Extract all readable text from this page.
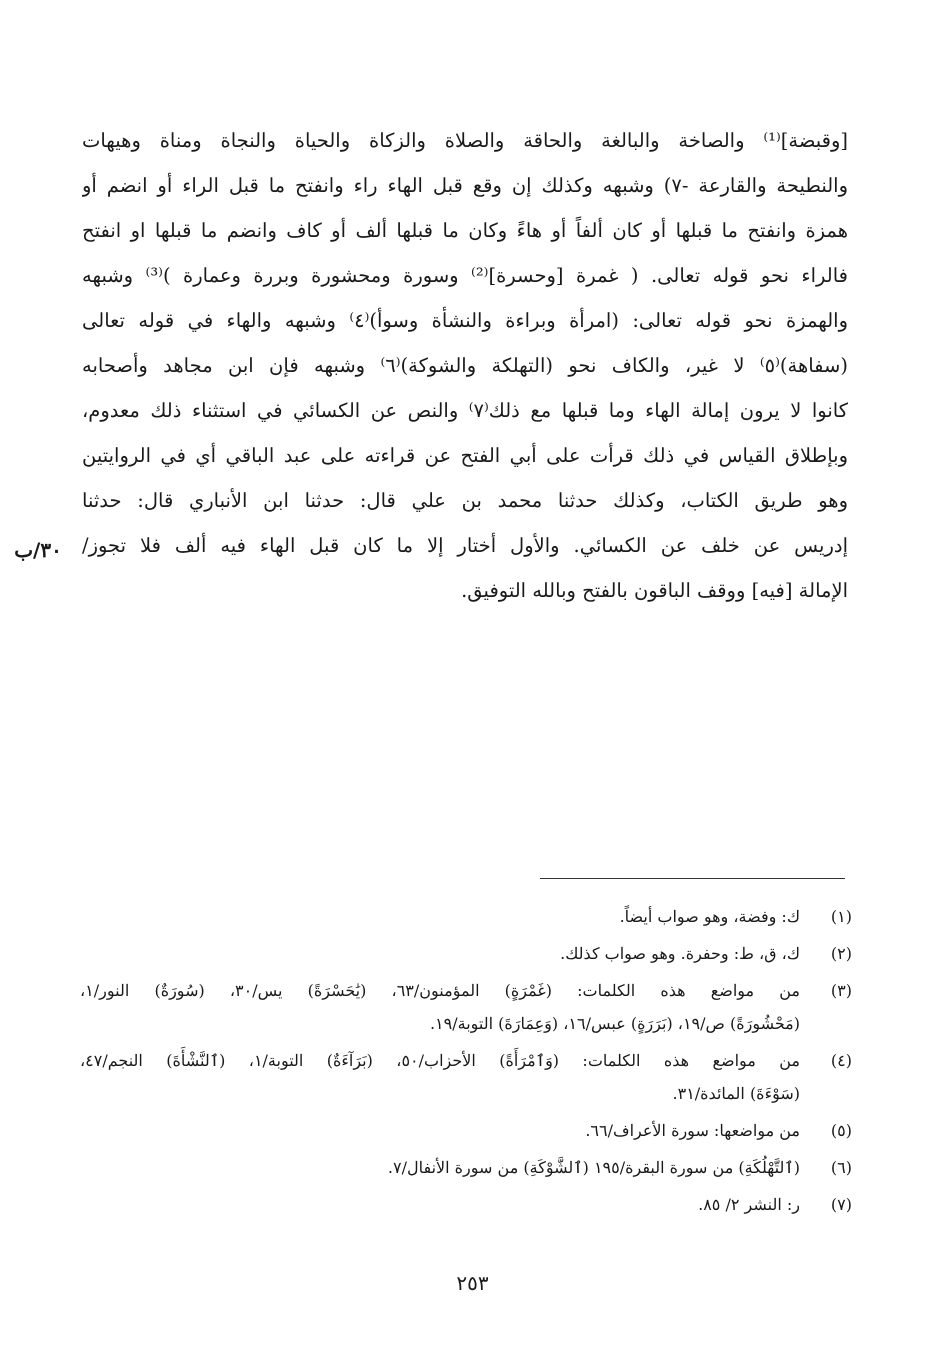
[وقبضة]⁽¹⁾ والصاخة والبالغة والحاقة والصلاة والزكاة والحياة والنجاة ومناة وهيهات
والنطيحة والقارعة -٧) وشبهه وكذلك إن وقع قبل الهاء راء وانفتح ما قبل الراء أو انضم أو
همزة وانفتح ما قبلها أو كان ألفاً أو هاءً وكان ما قبلها ألف أو كاف وانضم ما قبلها او انفتح
فالراء نحو قوله تعالى. ( غمرة [وحسرة]⁽²⁾ وسورة ومحشورة وبررة وعمارة )⁽³⁾ وشبهه
والهمزة نحو قوله تعالى: (امرأة وبراءة والنشأة وسوأ)⁽٤⁾ وشبهه والهاء في قوله تعالى
(سفاهة)⁽٥⁾ لا غير، والكاف نحو (التهلكة والشوكة)⁽٦⁾ وشبهه فإن ابن مجاهد وأصحابه
كانوا لا يرون إمالة الهاء وما قبلها مع ذلك⁽٧⁾ والنص عن الكسائي في استثناء ذلك معدوم،
وبإطلاق القياس في ذلك قرأت على أبي الفتح عن قراءته على عبد الباقي أي في الروايتين
وهو طريق الكتاب، وكذلك حدثنا محمد بن علي قال: حدثنا ابن الأنباري قال: حدثنا
إدريس عن خلف عن الكسائي. والأول أختار إلا ما كان قبل الهاء فيه ألف فلا تجوز/
الإمالة [فيه] ووقف الباقون بالفتح وبالله التوفيق.
٣٠/ب
(١)
ك: وفضة، وهو صواب أيضاً.
(٢)
ك، ق، ط: وحفرة. وهو صواب كذلك.
(٣)
من مواضع هذه الكلمات: (غَمْرَةٍ) المؤمنون/٦٣، (يَٰحَسْرَةً) يس/٣٠، (سُورَةٌ) النور/١،
(مَحْشُورَةً) ص/١٩، (بَرَرَةٍ) عبس/١٦، (وَعِمَارَةَ) التوبة/١٩.
(٤)
من مواضع هذه الكلمات: (وَٱمْرَأَةً) الأحزاب/٥٠، (بَرَآءَةٌ) التوبة/١، (ٱلنَّشْأَةَ) النجم/٤٧،
(سَوْءَةَ) المائدة/٣١.
(٥)
من مواضعها: سورة الأعراف/٦٦.
(٦)
(ٱلتَّهْلُكَةِ) من سورة البقرة/١٩٥ (ٱلشَّوْكَةِ) من سورة الأنفال/٧.
(٧)
ر: النشر ٢/ ٨٥.
٢٥٣
